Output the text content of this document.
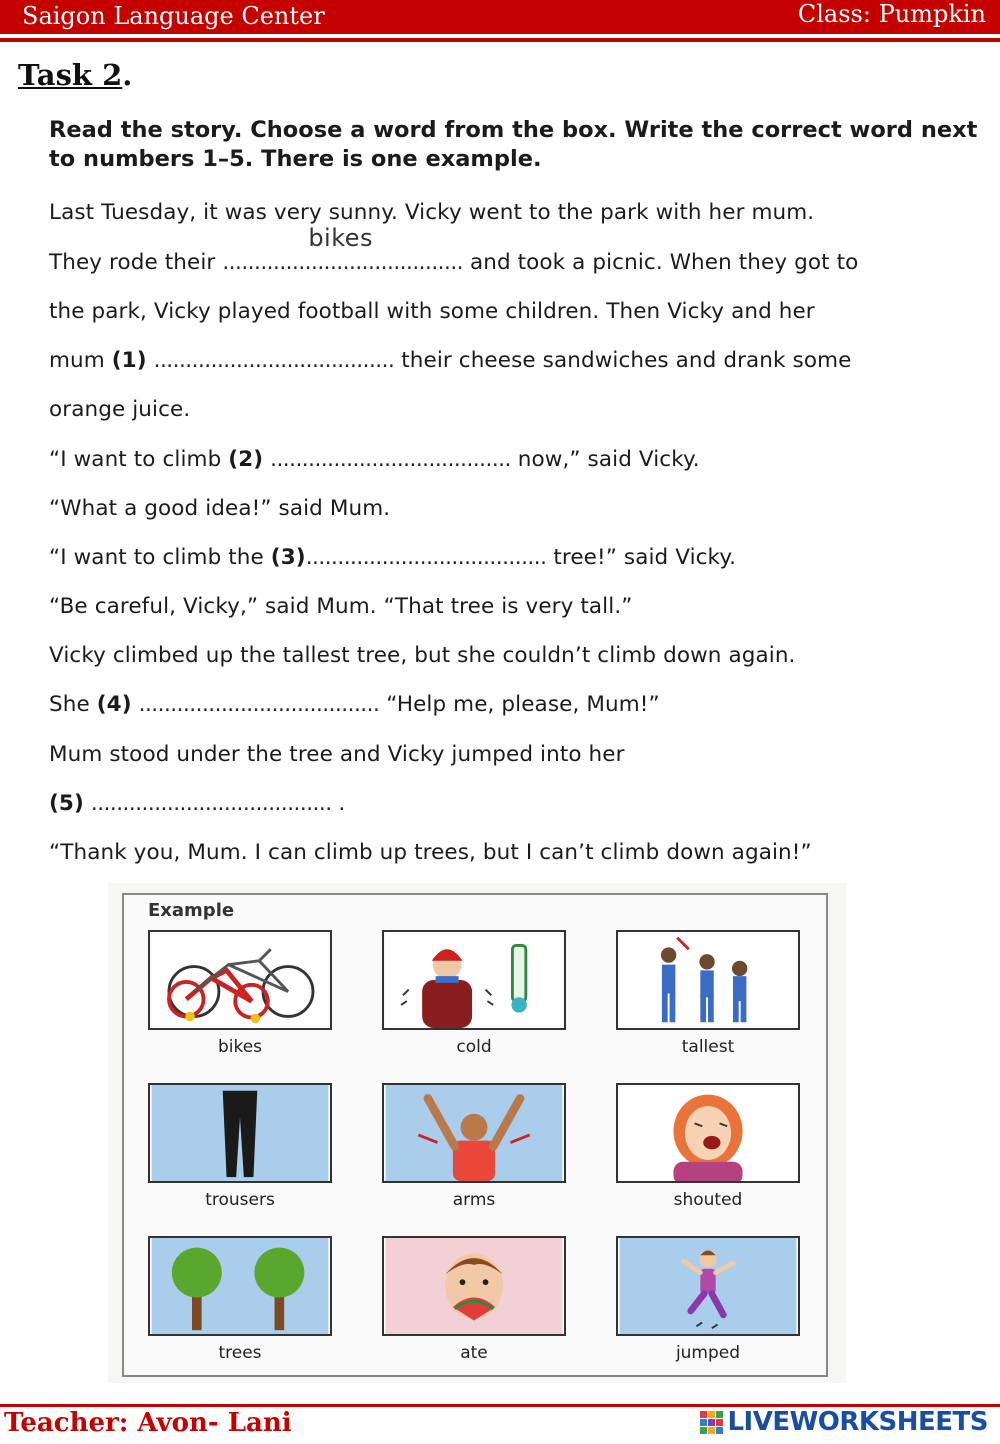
Saigon Language Center	Class: Pumpkin
Task 2.
Read the story. Choose a word from the box. Write the correct word next to numbers 1–5. There is one example.
Last Tuesday, it was very sunny. Vicky went to the park with her mum.
They rode their ......................................
bikes
and took a picnic. When they got to
the park, Vicky played football with some children. Then Vicky and her
mum (1) ...................................... their cheese sandwiches and drank some
orange juice.
“I want to climb (2) ...................................... now,” said Vicky.
“What a good idea!” said Mum.
“I want to climb the (3)...................................... tree!” said Vicky.
“Be careful, Vicky,” said Mum. “That tree is very tall.”
Vicky climbed up the tallest tree, but she couldn’t climb down again.
She (4) ...................................... “Help me, please, Mum!”
Mum stood under the tree and Vicky jumped into her
(5) ...................................... .
“Thank you, Mum. I can climb up trees, but I can’t climb down again!”
Example
bikes	cold	tallest
trousers	arms	shouted
trees	ate	jumped
Teacher: Avon- Lani	LIVEWORKSHEETS
